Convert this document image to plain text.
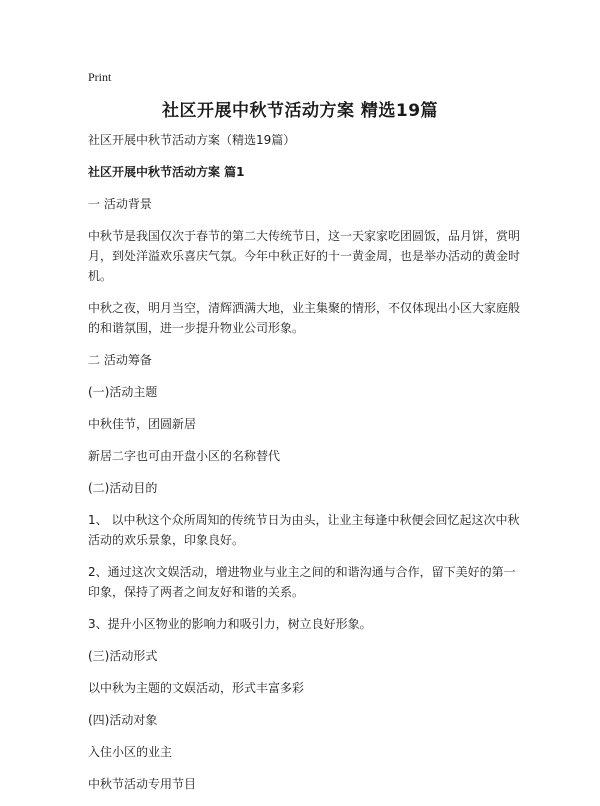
Print
社区开展中秋节活动方案 精选19篇

社区开展中秋节活动方案（精选19篇）

社区开展中秋节活动方案 篇1

一 活动背景

中秋节是我国仅次于春节的第二大传统节日，这一天家家吃团圆饭，品月饼，赏明月，到处洋溢欢乐喜庆气氛。今年中秋正好的十一黄金周，也是举办活动的黄金时机。

中秋之夜，明月当空，清辉洒满大地，业主集聚的情形，不仅体现出小区大家庭般的和谐氛围，进一步提升物业公司形象。

二 活动筹备

(一)活动主题

中秋佳节，团圆新居

新居二字也可由开盘小区的名称替代

(二)活动目的

1、 以中秋这个众所周知的传统节日为由头，让业主每逢中秋便会回忆起这次中秋活动的欢乐景象，印象良好。

2、通过这次文娱活动，增进物业与业主之间的和谐沟通与合作，留下美好的第一印象，保持了两者之间友好和谐的关系。

3、提升小区物业的影响力和吸引力，树立良好形象。

(三)活动形式

以中秋为主题的文娱活动，形式丰富多彩

(四)活动对象

入住小区的业主

中秋节活动专用节目
